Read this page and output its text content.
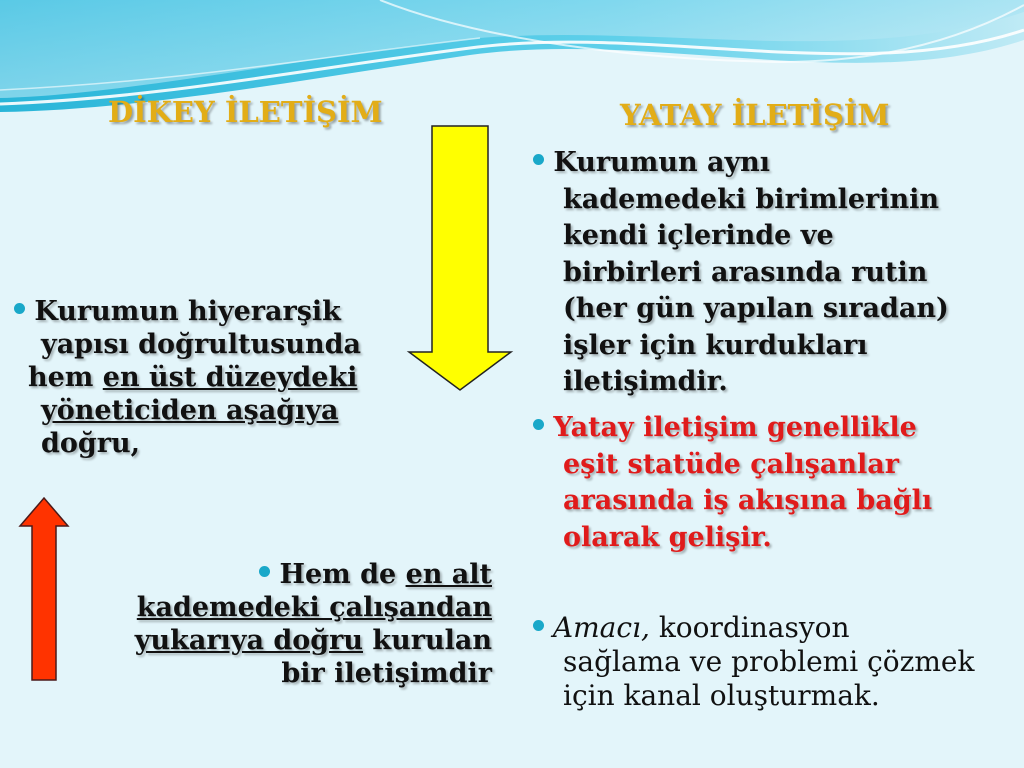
DİKEY İLETİŞİM	YATAY İLETİŞİM
Kurumun hiyerarşik
yapısı doğrultusunda
hem en üst düzeydeki
yöneticiden aşağıya
doğru,
Hem de en alt
kademedeki çalışandan
yukarıya doğru kurulan
bir iletişimdir
Kurumun aynı
kademedeki birimlerinin
kendi içlerinde ve
birbirleri arasında rutin
(her gün yapılan sıradan)
işler için kurdukları
iletişimdir.
Yatay iletişim genellikle
eşit statüde çalışanlar
arasında iş akışına bağlı
olarak gelişir.
Amacı, koordinasyon
sağlama ve problemi çözmek
için kanal oluşturmak.
